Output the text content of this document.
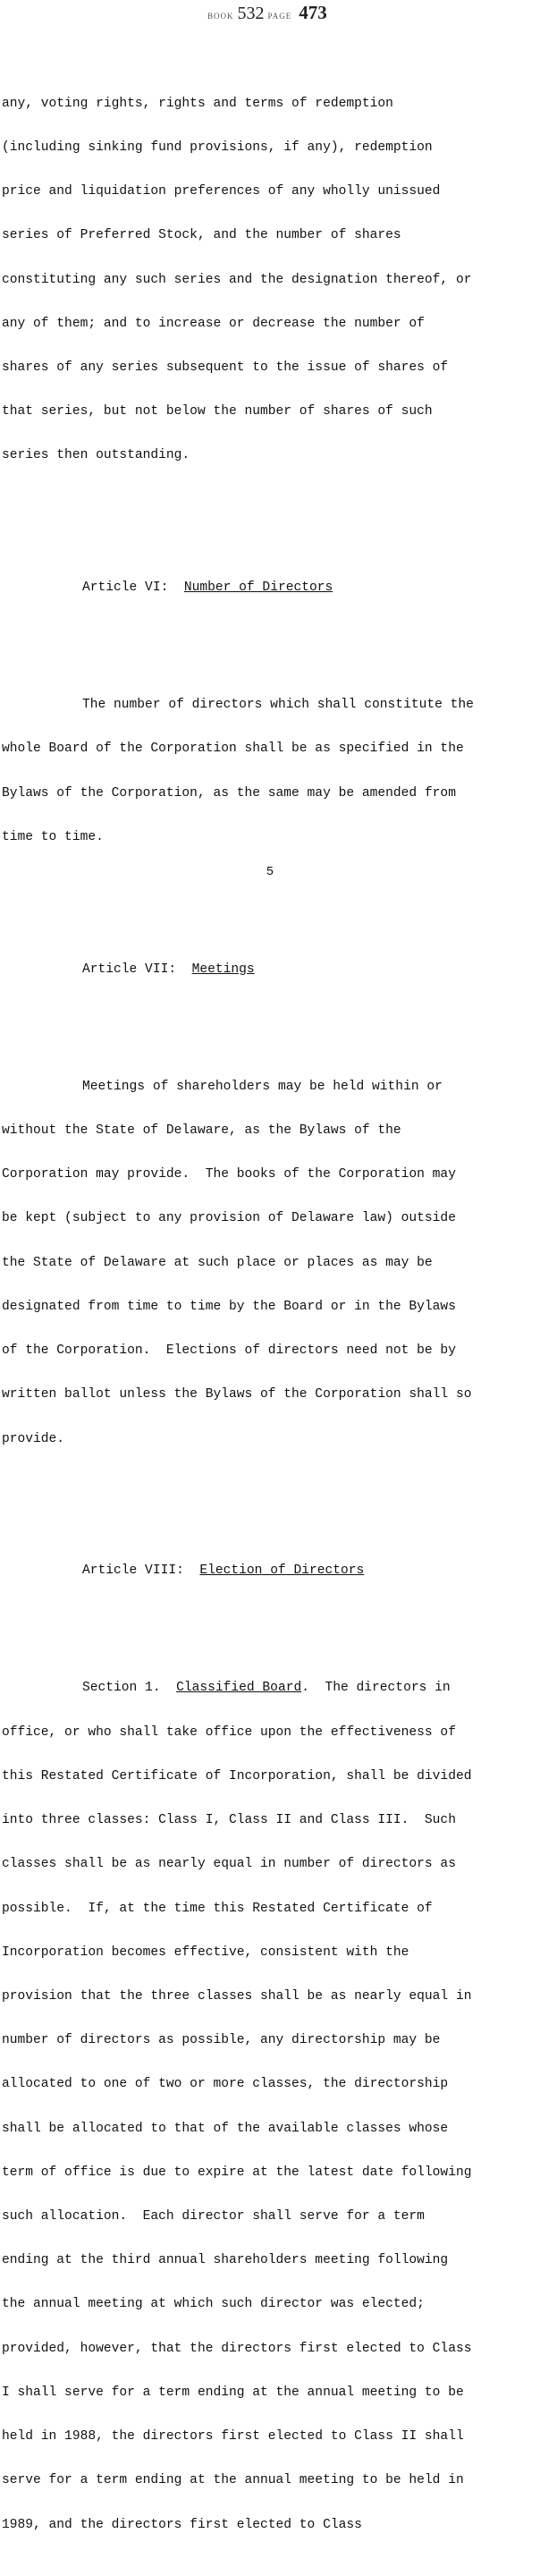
BOOK 532 PAGE 473

any, voting rights, rights and terms of redemption

(including sinking fund provisions, if any), redemption

price and liquidation preferences of any wholly unissued

series of Preferred Stock, and the number of shares

constituting any such series and the designation thereof, or

any of them; and to increase or decrease the number of

shares of any series subsequent to the issue of shares of

that series, but not below the number of shares of such

series then outstanding.

Article VI: Number of Directors

The number of directors which shall constitute the

whole Board of the Corporation shall be as specified in the

Bylaws of the Corporation, as the same may be amended from

time to time.

Article VII: Meetings

Meetings of shareholders may be held within or

without the State of Delaware, as the Bylaws of the

Corporation may provide.  The books of the Corporation may

be kept (subject to any provision of Delaware law) outside

the State of Delaware at such place or places as may be

designated from time to time by the Board or in the Bylaws

of the Corporation.  Elections of directors need not be by

written ballot unless the Bylaws of the Corporation shall so

provide.

Article VIII: Election of Directors

Section 1. Classified Board.  The directors in

office, or who shall take office upon the effectiveness of

this Restated Certificate of Incorporation, shall be divided

into three classes: Class I, Class II and Class III.  Such

classes shall be as nearly equal in number of directors as

possible.  If, at the time this Restated Certificate of

Incorporation becomes effective, consistent with the

provision that the three classes shall be as nearly equal in

number of directors as possible, any directorship may be

allocated to one of two or more classes, the directorship

shall be allocated to that of the available classes whose

term of office is due to expire at the latest date following

such allocation.  Each director shall serve for a term

ending at the third annual shareholders meeting following

the annual meeting at which such director was elected;

provided, however, that the directors first elected to Class

I shall serve for a term ending at the annual meeting to be

held in 1988, the directors first elected to Class II shall

serve for a term ending at the annual meeting to be held in

1989, and the directors first elected to Class

5
